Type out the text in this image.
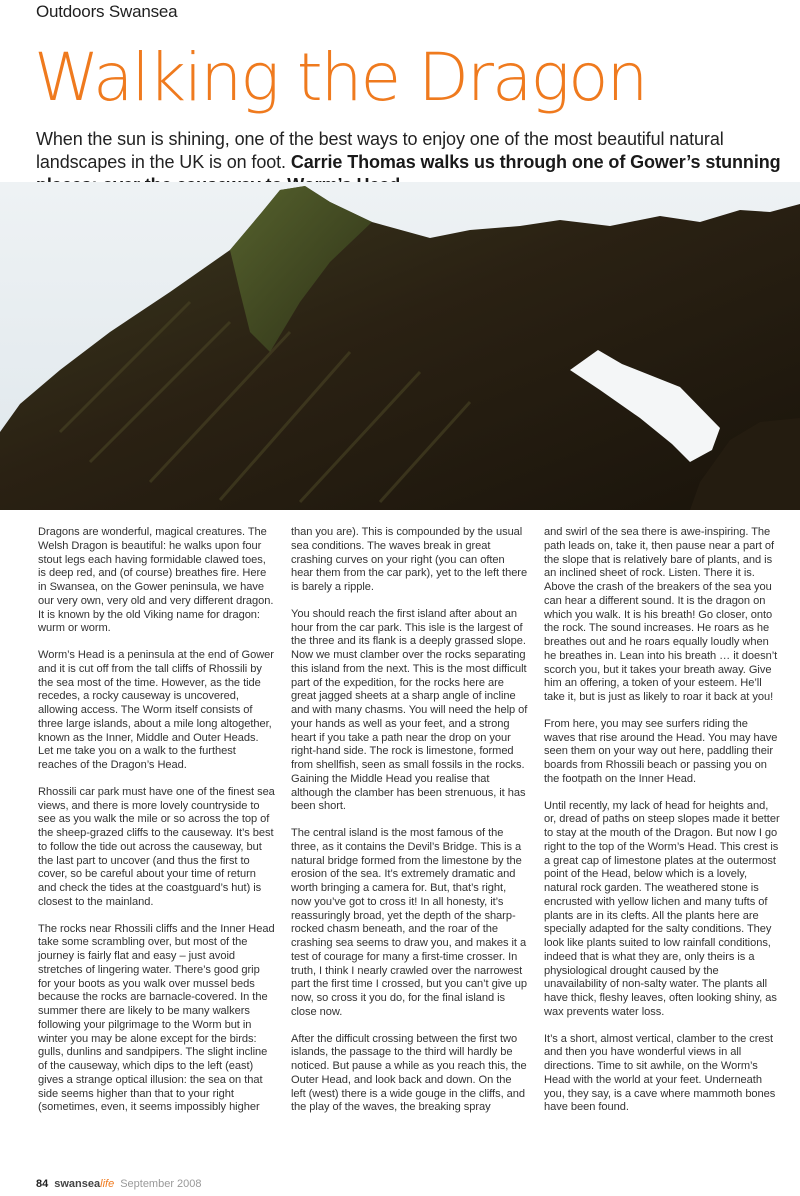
Outdoors Swansea
Walking the Dragon
When the sun is shining, one of the best ways to enjoy one of the most beautiful natural landscapes in the UK is on foot. Carrie Thomas walks us through one of Gower’s stunning

Dragons are wonderful, magical creatures. The Welsh Dragon is beautiful: he walks upon four stout legs each having formidable clawed toes, is deep red, and (of course) breathes fire. Here in Swansea, on the Gower peninsula, we have our very own, very old and very different dragon. It is known by the old Viking name for dragon: wurm or worm.

Worm’s Head is a peninsula at the end of Gower and it is cut off from the tall cliffs of Rhossili by the sea most of the time. However, as the tide recedes, a rocky causeway is uncovered, allowing access. The Worm itself consists of three large islands, about a mile long altogether, known as the Inner, Middle and Outer Heads. Let me take you on a walk to the furthest reaches of the Dragon’s Head.

Rhossili car park must have one of the finest sea views, and there is more lovely countryside to see as you walk the mile or so across the top of the sheep-grazed cliffs to the causeway. It’s best to follow the tide out across the causeway, but the last part to uncover (and thus the first to cover, so be careful about your time of return and check the tides at the coastguard’s hut) is closest to the mainland.

The rocks near Rhossili cliffs and the Inner Head take some scrambling over, but most of the journey is fairly flat and easy – just avoid stretches of lingering water. There’s good grip for your boots as you walk over mussel beds because the rocks are barnacle-covered. In the summer there are likely to be many walkers following your pilgrimage to the Worm but in winter you may be alone except for the birds: gulls, dunlins and sandpipers. The slight incline of the causeway, which dips to the left (east) gives a strange optical illusion: the sea on that side seems higher than that to your right (sometimes, even, it seems impossibly higher

than you are). This is compounded by the usual sea conditions. The waves break in great crashing curves on your right (you can often hear them from the car park), yet to the left there is barely a ripple.

You should reach the first island after about an hour from the car park. This isle is the largest of the three and its flank is a deeply grassed slope. Now we must clamber over the rocks separating this island from the next. This is the most difficult part of the expedition, for the rocks here are great jagged sheets at a sharp angle of incline and with many chasms. You will need the help of your hands as well as your feet, and a strong heart if you take a path near the drop on your right-hand side. The rock is limestone, formed from shellfish, seen as small fossils in the rocks. Gaining the Middle Head you realise that although the clamber has been strenuous, it has been short.

The central island is the most famous of the three, as it contains the Devil’s Bridge. This is a natural bridge formed from the limestone by the erosion of the sea. It’s extremely dramatic and worth bringing a camera for. But, that’s right, now you’ve got to cross it! In all honesty, it’s reassuringly broad, yet the depth of the sharp-rocked chasm beneath, and the roar of the crashing sea seems to draw you, and makes it a test of courage for many a first-time crosser. In truth, I think I nearly crawled over the narrowest part the first time I crossed, but you can’t give up now, so cross it you do, for the final island is close now.

After the difficult crossing between the first two islands, the passage to the third will hardly be noticed. But pause a while as you reach this, the Outer Head, and look back and down. On the left (west) there is a wide gouge in the cliffs, and the play of the waves, the breaking spray

and swirl of the sea there is awe-inspiring. The path leads on, take it, then pause near a part of the slope that is relatively bare of plants, and is an inclined sheet of rock. Listen. There it is. Above the crash of the breakers of the sea you can hear a different sound. It is the dragon on which you walk. It is his breath! Go closer, onto the rock. The sound increases. He roars as he breathes out and he roars equally loudly when he breathes in. Lean into his breath … it doesn’t scorch you, but it takes your breath away. Give him an offering, a token of your esteem. He’ll take it, but is just as likely to roar it back at you!

From here, you may see surfers riding the waves that rise around the Head. You may have seen them on your way out here, paddling their boards from Rhossili beach or passing you on the footpath on the Inner Head.

Until recently, my lack of head for heights and, or, dread of paths on steep slopes made it better to stay at the mouth of the Dragon. But now I go right to the top of the Worm’s Head. This crest is a great cap of limestone plates at the outermost point of the Head, below which is a lovely, natural rock garden. The weathered stone is encrusted with yellow lichen and many tufts of plants are in its clefts. All the plants here are specially adapted for the salty conditions. They look like plants suited to low rainfall conditions, indeed that is what they are, only theirs is a physiological drought caused by the unavailability of non-salty water. The plants all have thick, fleshy leaves, often looking shiny, as wax prevents water loss.

It’s a short, almost vertical, clamber to the crest and then you have wonderful views in all directions. Time to sit awhile, on the Worm’s Head with the world at your feet. Underneath you, they say, is a cave where mammoth bones have been found.

84 swansealife September 2008
